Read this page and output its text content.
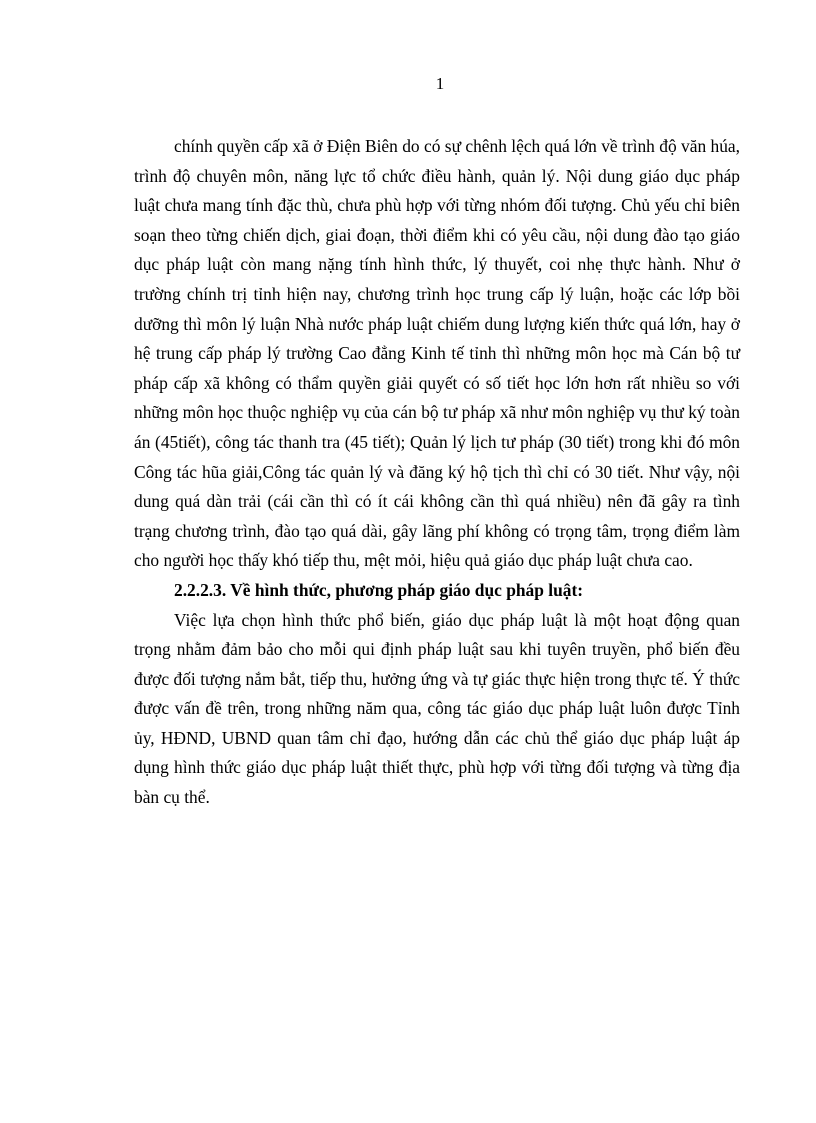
1

chính quyền cấp xã ở Điện Biên do có sự chênh lệch quá lớn về trình độ văn húa, trình độ chuyên môn, năng lực tổ chức điều hành, quản lý. Nội dung giáo dục pháp luật chưa mang tính đặc thù, chưa phù hợp với từng nhóm đối tượng. Chủ yếu chỉ biên soạn theo từng chiến dịch, giai đoạn, thời điểm khi có yêu cầu, nội dung đào tạo giáo dục pháp luật còn mang nặng tính hình thức, lý thuyết, coi nhẹ thực hành. Như ở trường chính trị tỉnh hiện nay, chương trình học trung cấp lý luận, hoặc các lớp bồi dưỡng thì môn lý luận Nhà nước pháp luật chiếm dung lượng kiến thức quá lớn, hay ở hệ trung cấp pháp lý trường Cao đẳng Kinh tế tỉnh thì những môn học mà Cán bộ tư pháp cấp xã không có thẩm quyền giải quyết có số tiết học lớn hơn rất nhiều so với những môn học thuộc nghiệp vụ của cán bộ tư pháp xã như môn nghiệp vụ thư ký toàn án (45tiết), công tác thanh tra (45 tiết); Quản lý lịch tư pháp (30 tiết) trong khi đó môn Công tác hũa giải,Công tác quản lý và đăng ký hộ tịch thì chỉ có 30 tiết. Như vậy, nội dung quá dàn trải (cái cần thì có ít cái không cần thì quá nhiều) nên đã gây ra tình trạng chương trình, đào tạo quá dài, gây lãng phí không có trọng tâm, trọng điểm làm cho người học thấy khó tiếp thu, mệt mỏi, hiệu quả giáo dục pháp luật chưa cao.

2.2.2.3. Về hình thức, phương pháp giáo dục pháp luật:

Việc lựa chọn hình thức phổ biến, giáo dục pháp luật là một hoạt động quan trọng nhằm đảm bảo cho mỗi qui định pháp luật sau khi tuyên truyền, phổ biến đều được đối tượng nắm bắt, tiếp thu, hưởng ứng và tự giác thực hiện trong thực tế. Ý thức được vấn đề trên, trong những năm qua, công tác giáo dục pháp luật luôn được Tỉnh ủy, HĐND, UBND quan tâm chỉ đạo, hướng dẫn các chủ thể giáo dục pháp luật áp dụng hình thức giáo dục pháp luật thiết thực, phù hợp với từng đối tượng và từng địa bàn cụ thể.
